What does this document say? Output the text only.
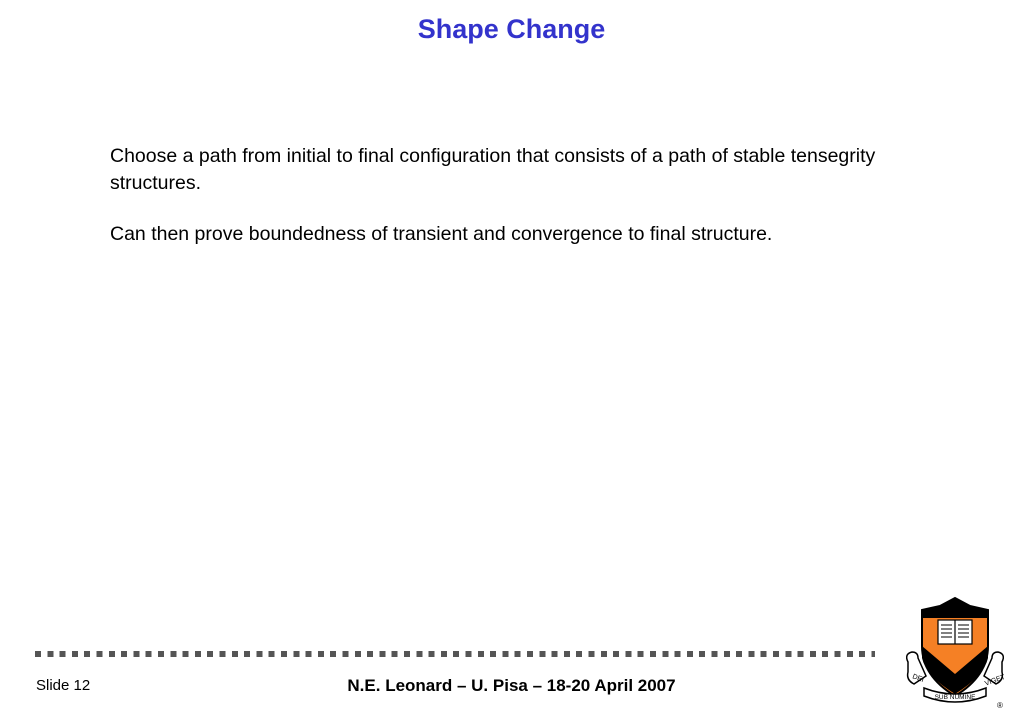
Shape Change

Choose a path from initial to final configuration that consists of a path of stable tensegrity structures.

Can then prove boundedness of transient and convergence to final structure.

Slide 12	N.E. Leonard – U. Pisa – 18-20 April 2007	DEI	VIGET
SUB NUMINE
®
